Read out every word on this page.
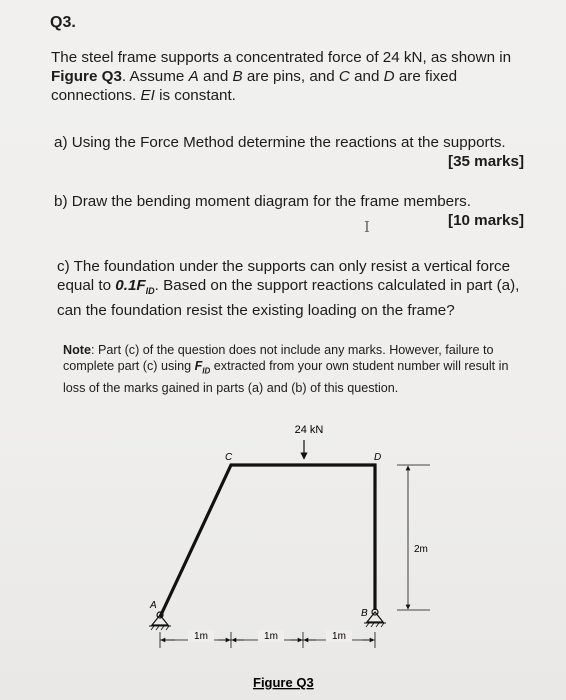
Q3.

The steel frame supports a concentrated force of 24 kN, as shown in Figure Q3. Assume A and B are pins, and C and D are fixed connections. EI is constant.

a) Using the Force Method determine the reactions at the supports.
[35 marks]

b) Draw the bending moment diagram for the frame members.

[10 marks]

I

c) The foundation under the supports can only resist a vertical force equal to $0.1F_{ID}$. Based on the support reactions calculated in part (a), can the foundation resist the existing loading on the frame?

Note: Part (c) of the question does not include any marks. However, failure to complete part (c) using $F_{ID}$ extracted from your own student number will result in loss of the marks gained in parts (a) and (b) of this question.

24 kN
A
C	D
B
1m	1m	1m
2m
Figure Q3
